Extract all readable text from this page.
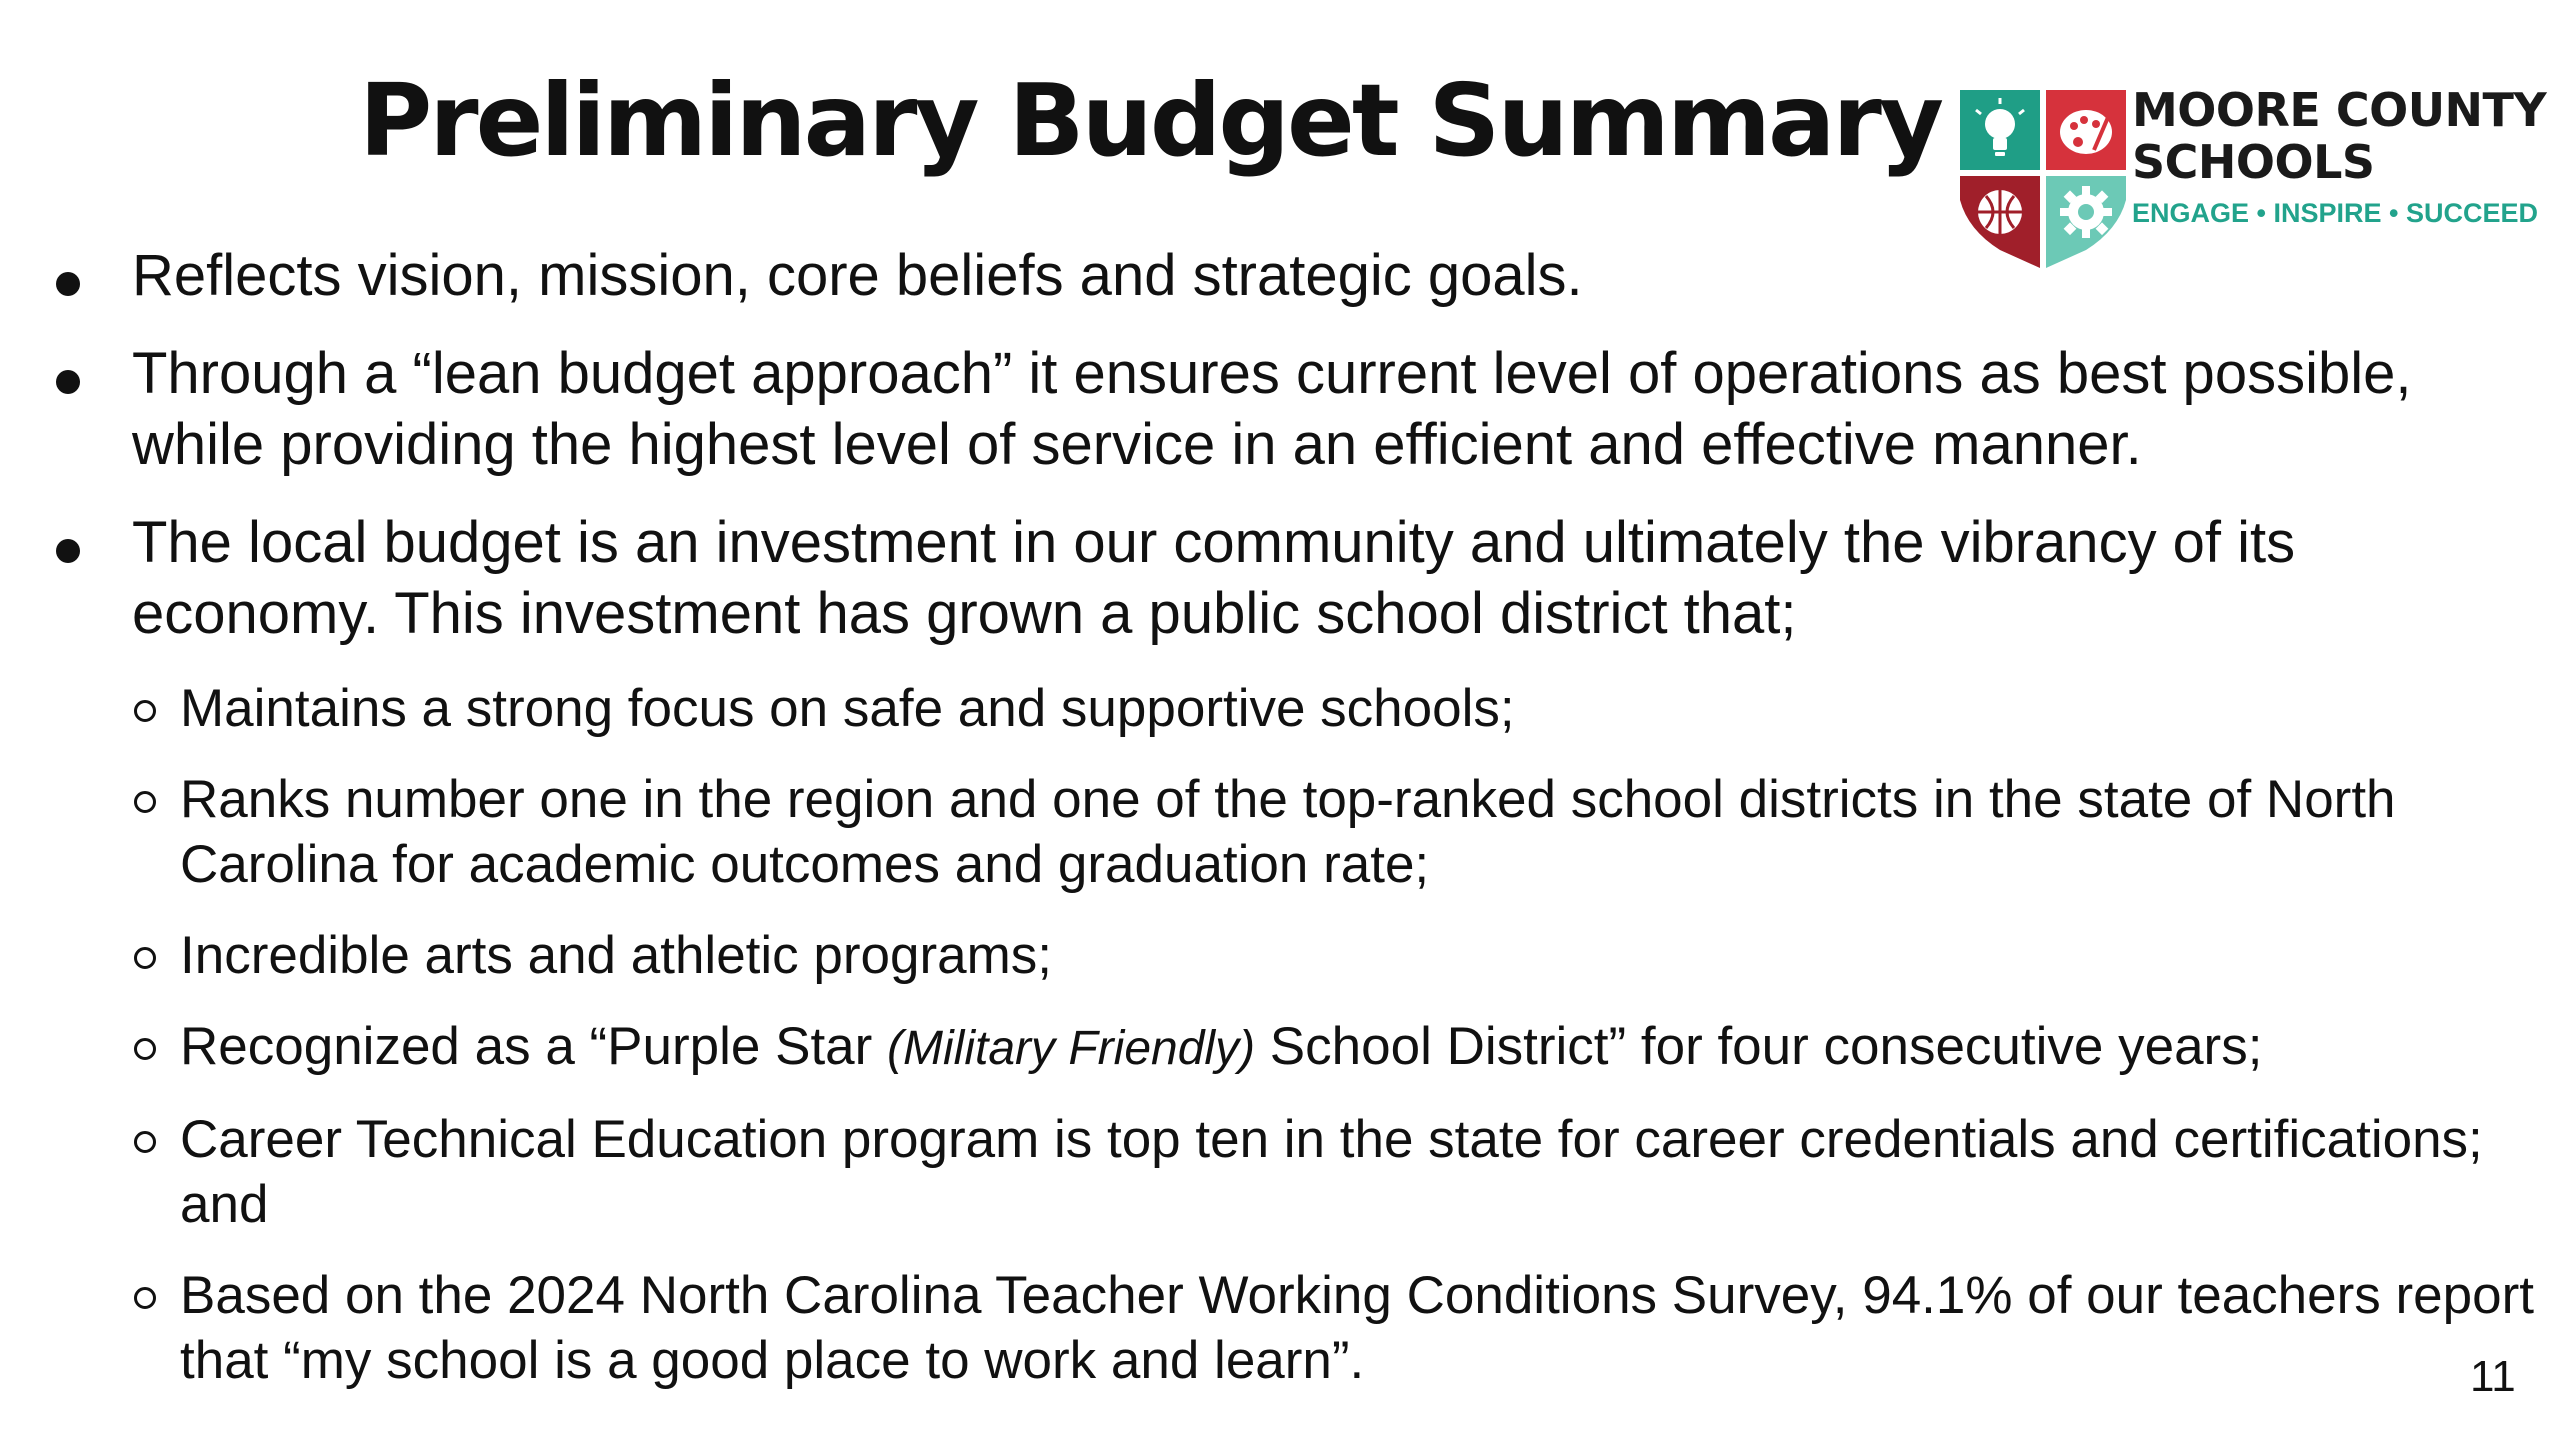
Preliminary Budget Summary	MOORE COUNTY
SCHOOLS
ENGAGE • INSPIRE • SUCCEED
Reflects vision, mission, core beliefs and strategic goals.
Through a “lean budget approach” it ensures current level of operations as best possible, while providing the highest level of service in an efficient and effective manner.
The local budget is an investment in our community and ultimately the vibrancy of its economy. This investment has grown a public school district that;
Maintains a strong focus on safe and supportive schools;
Ranks number one in the region and one of the top-ranked school districts in the state of North Carolina for academic outcomes and graduation rate;
Incredible arts and athletic programs;
Recognized as a “Purple Star (Military Friendly) School District” for four consecutive years;
Career Technical Education program is top ten in the state for career credentials and certifications; and
Based on the 2024 North Carolina Teacher Working Conditions Survey, 94.1% of our teachers report that “my school is a good place to work and learn”.	11
